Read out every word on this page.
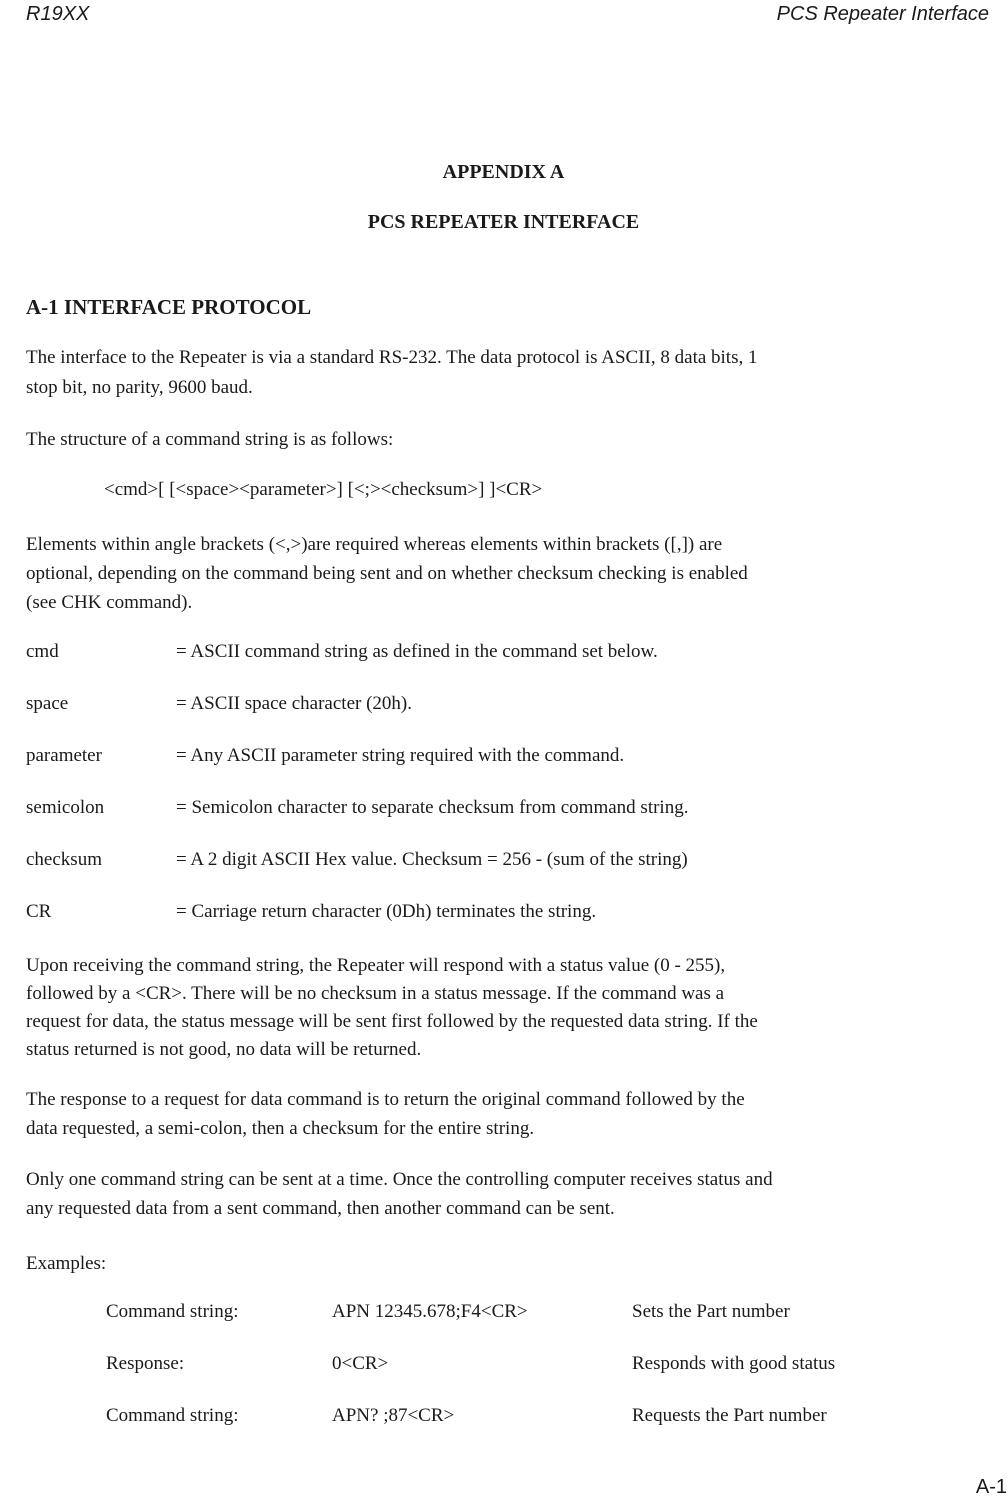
R19XX	PCS Repeater Interface
APPENDIX A
PCS REPEATER INTERFACE
A-1 INTERFACE PROTOCOL

The interface to the Repeater is via a standard RS-232. The data protocol is ASCII, 8 data bits, 1
stop bit, no parity, 9600 baud.

The structure of a command string is as follows:

<cmd>[ [<space><parameter>] [<;><checksum>] ]<CR>

Elements within angle brackets (<,>)are required whereas elements within brackets ([,]) are
optional, depending on the command being sent and on whether checksum checking is enabled
(see CHK command).

cmd	= ASCII command string as defined in the command set below.
space	= ASCII space character (20h).
parameter	= Any ASCII parameter string required with the command.
semicolon	= Semicolon character to separate checksum from command string.
checksum	= A 2 digit ASCII Hex value. Checksum = 256 - (sum of the string)
CR	= Carriage return character (0Dh) terminates the string.

Upon receiving the command string, the Repeater will respond with a status value (0 - 255),
followed by a <CR>. There will be no checksum in a status message. If the command was a
request for data, the status message will be sent first followed by the requested data string. If the
status returned is not good, no data will be returned.

The response to a request for data command is to return the original command followed by the
data requested, a semi-colon, then a checksum for the entire string.

Only one command string can be sent at a time. Once the controlling computer receives status and
any requested data from a sent command, then another command can be sent.

Examples:

Command string:	APN 12345.678;F4<CR>	Sets the Part number
Response:	0<CR>	Responds with good status
Command string:	APN? ;87<CR>	Requests the Part number
A-1
